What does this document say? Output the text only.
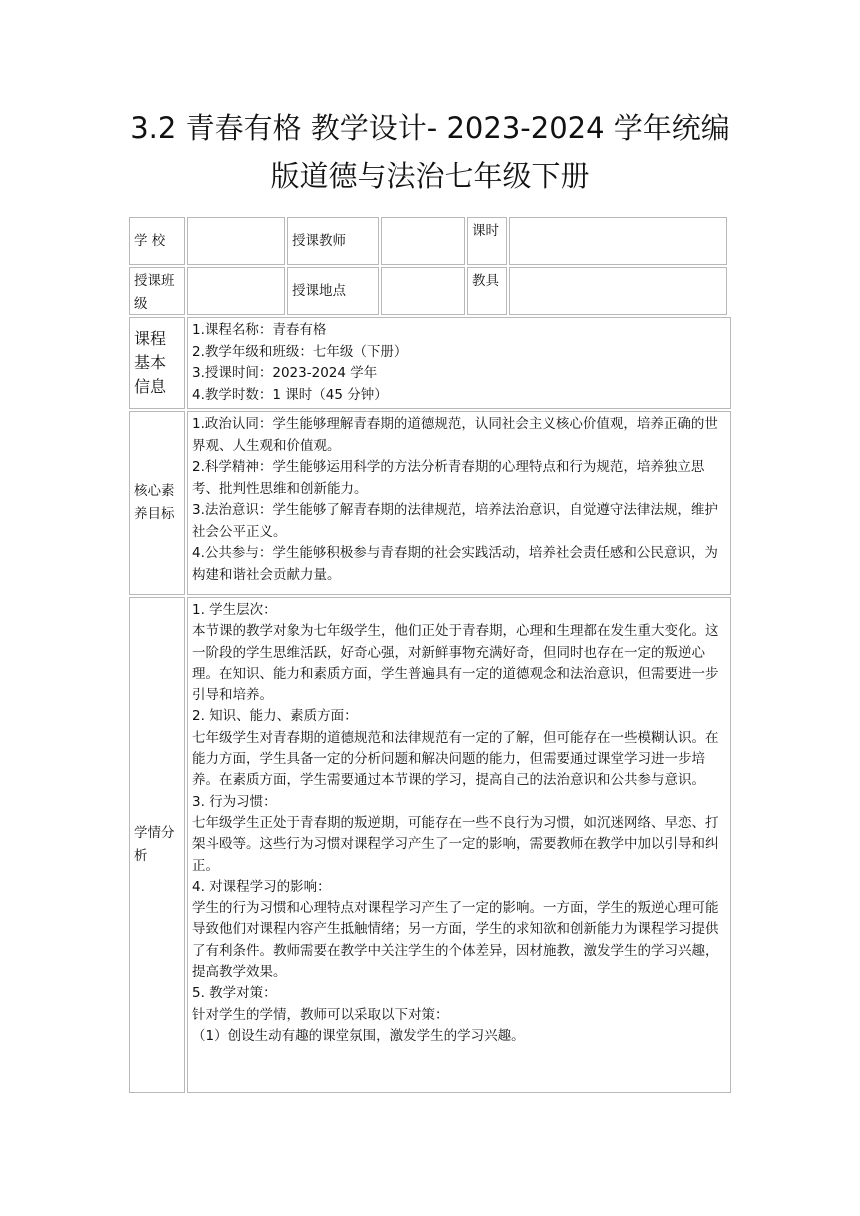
3.2 青春有格 教学设计- 2023-2024 学年统编版道德与法治七年级下册
学 校	授课教师
课时
授课班级
授课地点
教具
课程基本信息

1.课程名称：青春有格

2.教学年级和班级：七年级（下册）

3.授课时间：2023-2024 学年

4.教学时数：1 课时（45 分钟）

核心素养目标

1.政治认同：学生能够理解青春期的道德规范，认同社会主义核心价值观，培养正确的世界观、人生观和价值观。

2.科学精神：学生能够运用科学的方法分析青春期的心理特点和行为规范，培养独立思考、批判性思维和创新能力。

3.法治意识：学生能够了解青春期的法律规范，培养法治意识，自觉遵守法律法规，维护社会公平正义。

4.公共参与：学生能够积极参与青春期的社会实践活动，培养社会责任感和公民意识，为构建和谐社会贡献力量。

学情分析

1. 学生层次：

本节课的教学对象为七年级学生，他们正处于青春期，心理和生理都在发生重大变化。这一阶段的学生思维活跃，好奇心强，对新鲜事物充满好奇，但同时也存在一定的叛逆心理。在知识、能力和素质方面，学生普遍具有一定的道德观念和法治意识，但需要进一步引导和培养。

2. 知识、能力、素质方面：

七年级学生对青春期的道德规范和法律规范有一定的了解，但可能存在一些模糊认识。在能力方面，学生具备一定的分析问题和解决问题的能力，但需要通过课堂学习进一步培养。在素质方面，学生需要通过本节课的学习，提高自己的法治意识和公共参与意识。

3. 行为习惯：

七年级学生正处于青春期的叛逆期，可能存在一些不良行为习惯，如沉迷网络、早恋、打架斗殴等。这些行为习惯对课程学习产生了一定的影响，需要教师在教学中加以引导和纠正。

4. 对课程学习的影响：

学生的行为习惯和心理特点对课程学习产生了一定的影响。一方面，学生的叛逆心理可能导致他们对课程内容产生抵触情绪；另一方面，学生的求知欲和创新能力为课程学习提供了有利条件。教师需要在教学中关注学生的个体差异，因材施教，激发学生的学习兴趣，提高教学效果。

5. 教学对策：

针对学生的学情，教师可以采取以下对策：

（1）创设生动有趣的课堂氛围，激发学生的学习兴趣。
